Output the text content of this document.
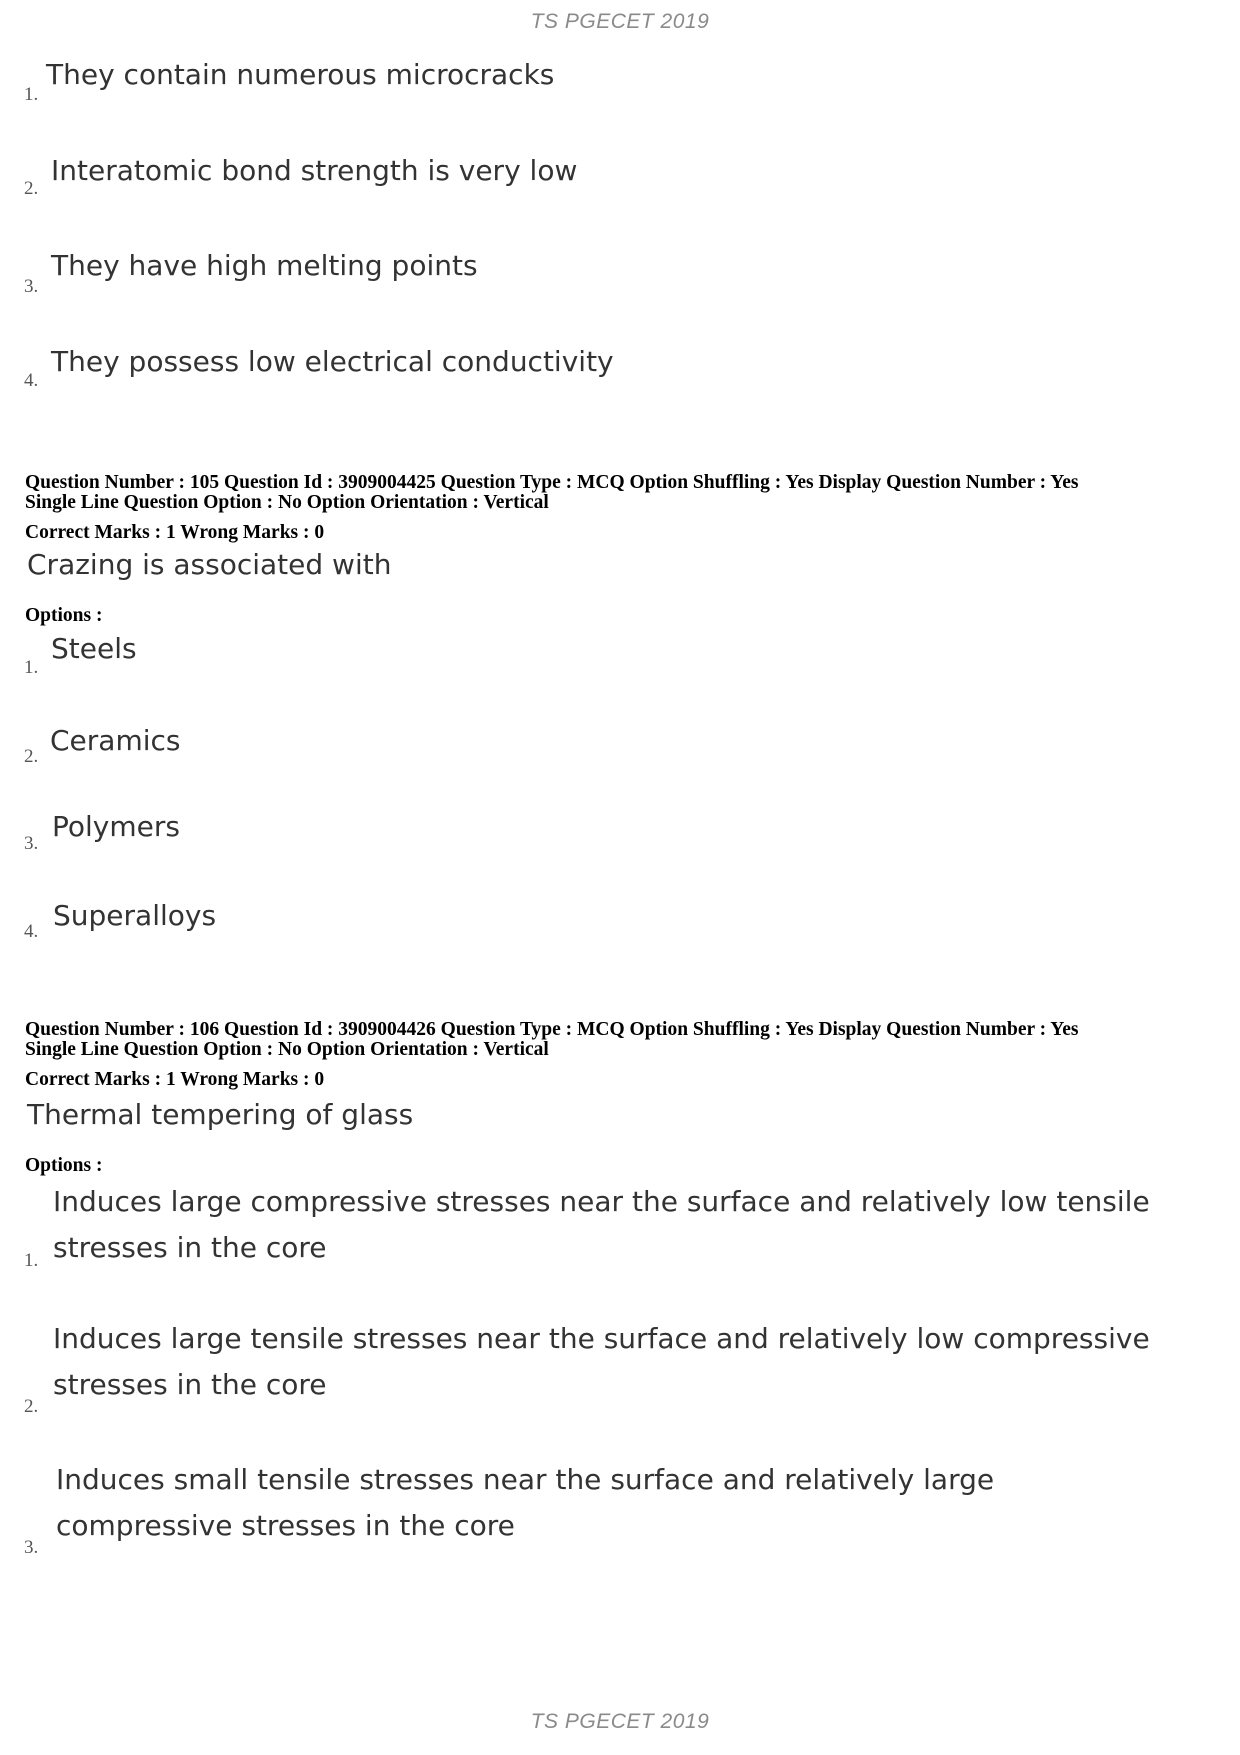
TS PGECET 2019
1.
They contain numerous microcracks
2.
Interatomic bond strength is very low
3.
They have high melting points
4.
They possess low electrical conductivity
Question Number : 105 Question Id : 3909004425 Question Type : MCQ Option Shuffling : Yes Display Question Number : Yes
Single Line Question Option : No Option Orientation : Vertical
Correct Marks : 1 Wrong Marks : 0
Crazing is associated with
Options :
1.
Steels
2. Ceramics
3.
Polymers
4. Superalloys
Question Number : 106 Question Id : 3909004426 Question Type : MCQ Option Shuffling : Yes Display Question Number : Yes
Single Line Question Option : No Option Orientation : Vertical
Correct Marks : 1 Wrong Marks : 0
Thermal tempering of glass
Options :
1.
Induces large compressive stresses near the surface and relatively low tensile
stresses in the core
2.
Induces large tensile stresses near the surface and relatively low compressive
stresses in the core
3.
Induces small tensile stresses near the surface and relatively large
compressive stresses in the core
TS PGECET 2019
